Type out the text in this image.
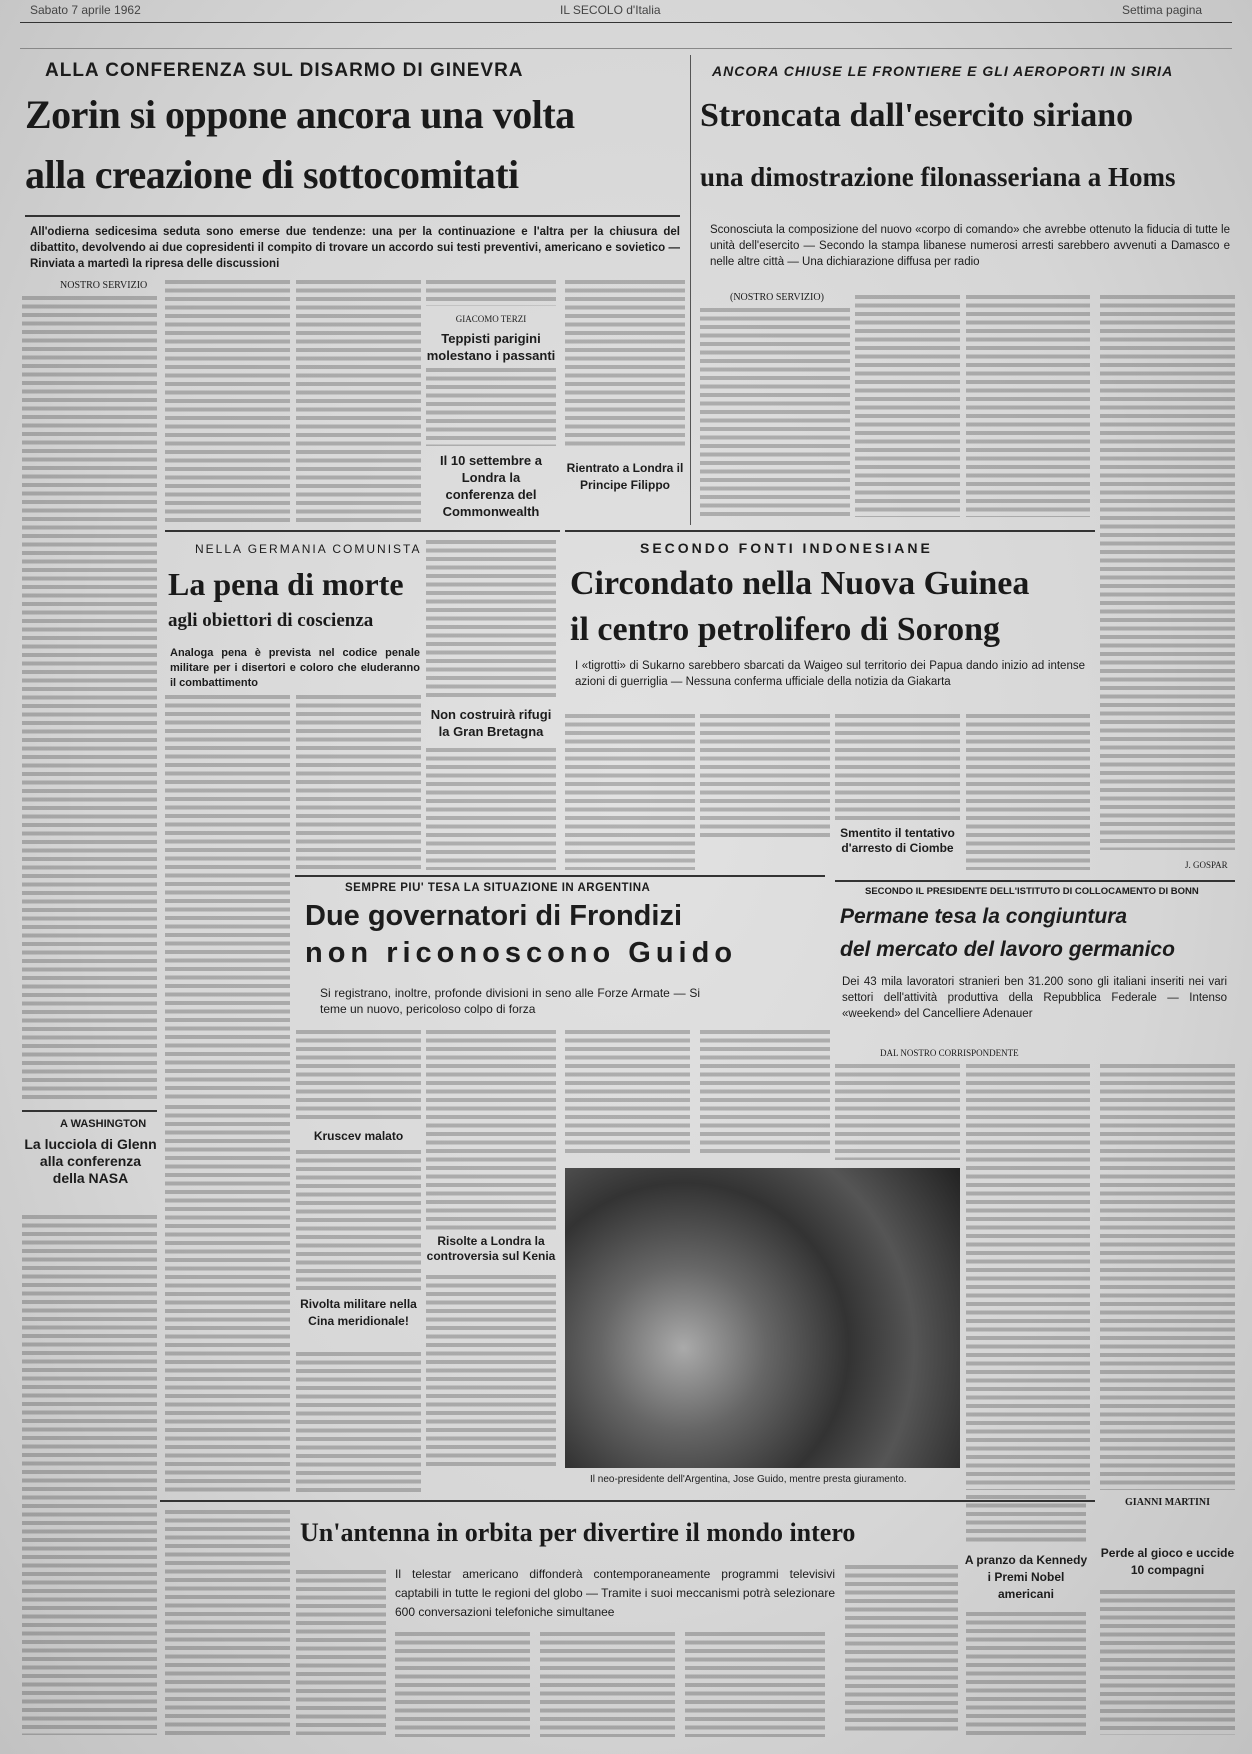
Sabato 7 aprile 1962	IL SECOLO d'Italia	Settima pagina
ALLA CONFERENZA SUL DISARMO DI GINEVRA
Zorin si oppone ancora una volta
alla creazione di sottocomitati
All'odierna sedicesima seduta sono emerse due tendenze: una per la continuazione e l'altra per la chiusura del dibattito, devolvendo ai due copresidenti il compito di trovare un accordo sui testi preventivi, americano e sovietico — Rinviata a martedì la ripresa delle discussioni
NOSTRO SERVIZIO
GIACOMO TERZI
Teppisti parigini molestano i passanti
Il 10 settembre a Londra la conferenza del Commonwealth
ANCORA CHIUSE LE FRONTIERE E GLI AEROPORTI IN SIRIA
Stroncata dall'esercito siriano
una dimostrazione filonasseriana a Homs
Sconosciuta la composizione del nuovo «corpo di comando» che avrebbe ottenuto la fiducia di tutte le unità dell'esercito — Secondo la stampa libanese numerosi arresti sarebbero avvenuti a Damasco e nelle altre città — Una dichiarazione diffusa per radio
(NOSTRO SERVIZIO)
J. GOSPAR
Rientrato a Londra il Principe Filippo
NELLA GERMANIA COMUNISTA
La pena di morte
agli obiettori di coscienza
Analoga pena è prevista nel codice penale militare per i disertori e coloro che eluderanno il combattimento
Non costruirà rifugi la Gran Bretagna
SECONDO FONTI INDONESIANE
Circondato nella Nuova Guinea
il centro petrolifero di Sorong
I «tigrotti» di Sukarno sarebbero sbarcati da Waigeo sul territorio dei Papua dando inizio ad intense azioni di guerriglia — Nessuna conferma ufficiale della notizia da Giakarta
Smentito il tentativo d'arresto di Ciombe
SEMPRE PIU' TESA LA SITUAZIONE IN ARGENTINA
Due governatori di Frondizi
non riconoscono Guido
Si registrano, inoltre, profonde divisioni in seno alle Forze Armate — Si teme un nuovo, pericoloso colpo di forza
Kruscev malato
Rivolta militare nella Cina meridionale!
Risolte a Londra la controversia sul Kenia
Il neo-presidente dell'Argentina, Jose Guido, mentre presta giuramento.
SECONDO IL PRESIDENTE DELL'ISTITUTO DI COLLOCAMENTO DI BONN
Permane tesa la congiuntura
del mercato del lavoro germanico
Dei 43 mila lavoratori stranieri ben 31.200 sono gli italiani inseriti nei vari settori dell'attività produttiva della Repubblica Federale — Intenso «weekend» del Cancelliere Adenauer
DAL NOSTRO CORRISPONDENTE
GIANNI MARTINI
Perde al gioco e uccide 10 compagni
A WASHINGTON
La lucciola di Glenn
alla conferenza
della NASA
Un'antenna in orbita per divertire il mondo intero
Il telestar americano diffonderà contemporaneamente programmi televisivi captabili in tutte le regioni del globo — Tramite i suoi meccanismi potrà selezionare 600 conversazioni telefoniche simultanee
A pranzo da Kennedy i Premi Nobel americani
